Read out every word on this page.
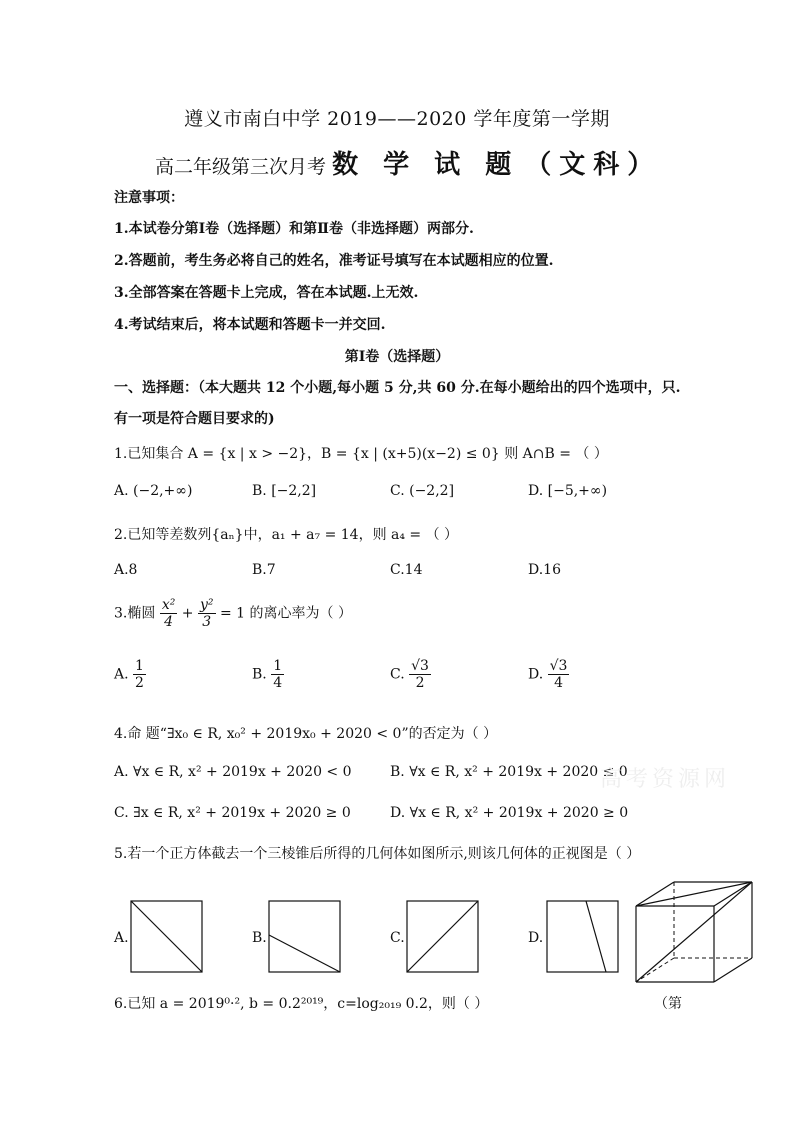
遵义市南白中学 2019——2020 学年度第一学期
高二年级第三次月考 数 学 试 题 （文科）
注意事项：
1.本试卷分第Ⅰ卷（选择题）和第Ⅱ卷（非选择题）两部分.
2.答题前，考生务必将自己的姓名，准考证号填写在本试题相应的位置.
3.全部答案在答题卡上完成，答在本试题.上无效.
4.考试结束后，将本试题和答题卡一并交回.
第Ⅰ卷（选择题）
一、选择题：（本大题共 12 个小题,每小题 5 分,共 60 分.在每小题给出的四个选项中，只.
有一项是符合题目要求的)
1.已知集合 A = {x | x > −2}，B = {x | (x+5)(x−2) ≤ 0} 则 A∩B = （ ）
A. (−2,+∞)	B. [−2,2]	C. (−2,2]	D. [−5,+∞)
2.已知等差数列{aₙ}中，a₁ + a₇ = 14，则 a₄ = （ ）
A.8	B.7	C.14	D.16
3.椭圆 $\frac{\text{x²}}{4} + \frac{\text{y²}}{3} = 1$ 的离心率为（ ）
A. $\frac{1}{2}$	B. $\frac{1}{4}$	C. $\frac{√3}{2}$	D. $\frac{√3}{4}$
4.命 题“∃x₀ ∈ R, x₀² + 2019x₀ + 2020 < 0”的否定为（ ）
A. ∀x ∈ R, x² + 2019x + 2020 < 0	B. ∀x ∈ R, x² + 2019x + 2020 ≤ 0
C. ∃x ∈ R, x² + 2019x + 2020 ≥ 0	D. ∀x ∈ R, x² + 2019x + 2020 ≥ 0
高考资源网
5.若一个正方体截去一个三棱锥后所得的几何体如图所示,则该几何体的正视图是（ ）
A.	B.	C.	D.
6.已知 a = 2019⁰·², b = 0.2²⁰¹⁹，c=log₂₀₁₉ 0.2，则（ ）	（第
